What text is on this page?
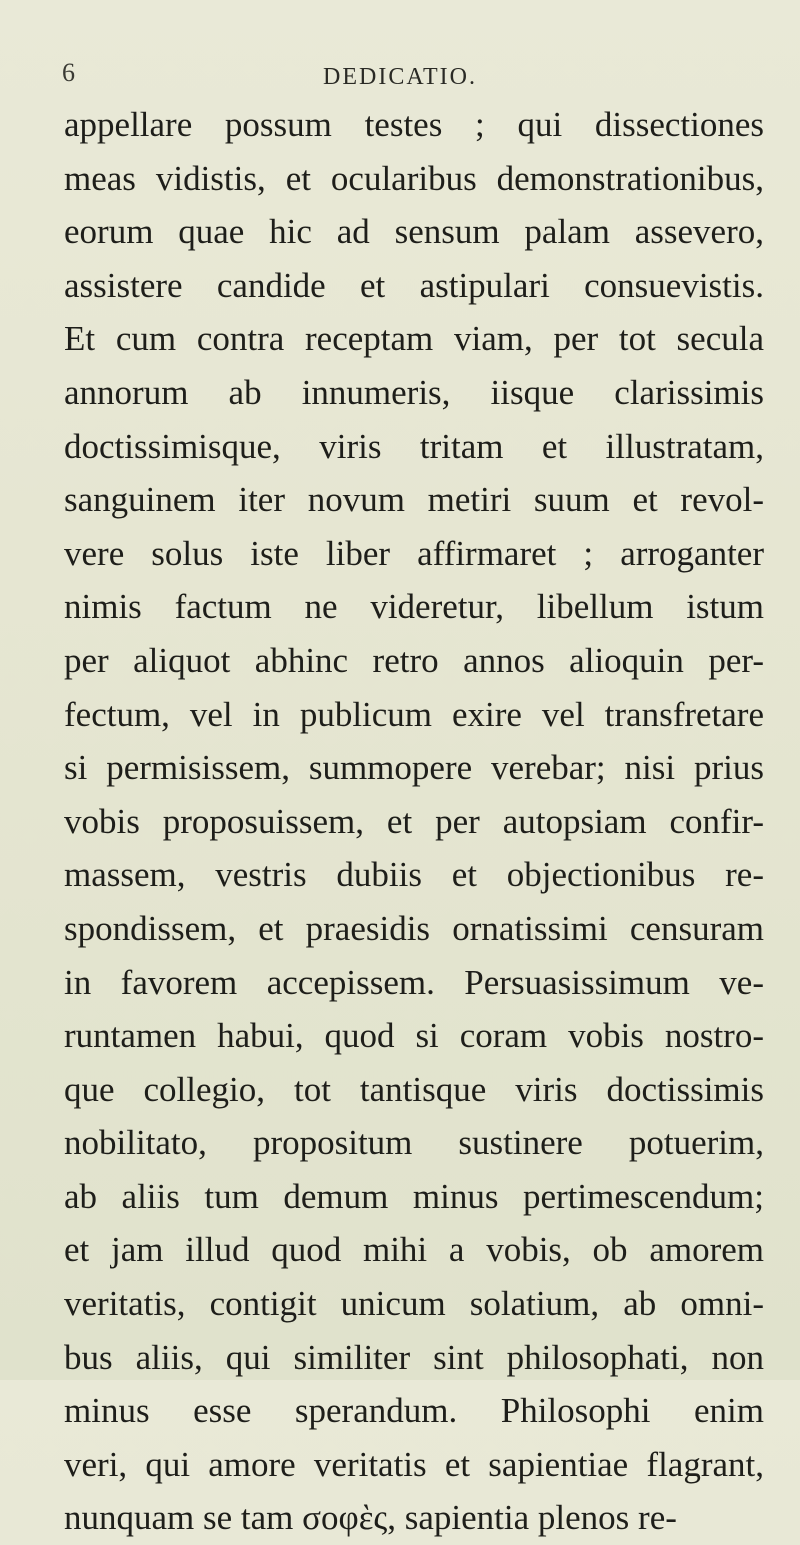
6	DEDICATIO.
appellare possum testes ; qui dissectiones
meas vidistis, et ocularibus demonstrationibus,
eorum quae hic ad sensum palam assevero,
assistere candide et astipulari consuevistis.
Et cum contra receptam viam, per tot secula
annorum ab innumeris, iisque clarissimis
doctissimisque, viris tritam et illustratam,
sanguinem iter novum metiri suum et revol-
vere solus iste liber affirmaret ; arroganter
nimis factum ne videretur, libellum istum
per aliquot abhinc retro annos alioquin per-
fectum, vel in publicum exire vel transfretare
si permisissem, summopere verebar; nisi prius
vobis proposuissem, et per autopsiam confir-
massem, vestris dubiis et objectionibus re-
spondissem, et praesidis ornatissimi censuram
in favorem accepissem. Persuasissimum ve-
runtamen habui, quod si coram vobis nostro-
que collegio, tot tantisque viris doctissimis
nobilitato, propositum sustinere potuerim,
ab aliis tum demum minus pertimescendum;
et jam illud quod mihi a vobis, ob amorem
veritatis, contigit unicum solatium, ab omni-
bus aliis, qui similiter sint philosophati, non
minus esse sperandum. Philosophi enim
veri, qui amore veritatis et sapientiae flagrant,
nunquam se tam σοφὲς, sapientia plenos re-
